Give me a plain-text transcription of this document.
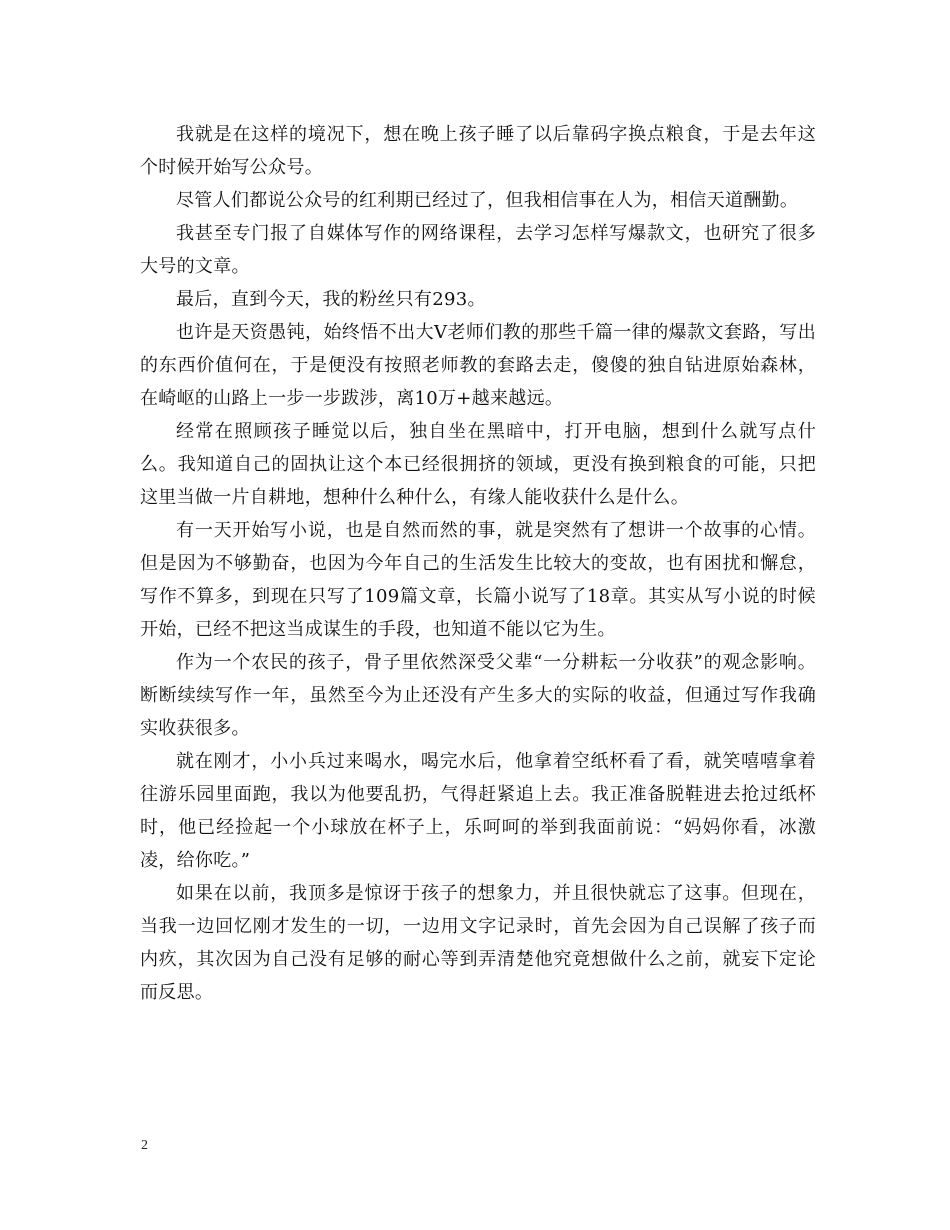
我就是在这样的境况下，想在晚上孩子睡了以后靠码字换点粮食，于是去年这个时候开始写公众号。

尽管人们都说公众号的红利期已经过了，但我相信事在人为，相信天道酬勤。

我甚至专门报了自媒体写作的网络课程，去学习怎样写爆款文，也研究了很多大号的文章。

最后，直到今天，我的粉丝只有293。

也许是天资愚钝，始终悟不出大V老师们教的那些千篇一律的爆款文套路，写出的东西价值何在，于是便没有按照老师教的套路去走，傻傻的独自钻进原始森林，在崎岖的山路上一步一步跋涉，离10万+越来越远。

经常在照顾孩子睡觉以后，独自坐在黑暗中，打开电脑，想到什么就写点什么。我知道自己的固执让这个本已经很拥挤的领域，更没有换到粮食的可能，只把这里当做一片自耕地，想种什么种什么，有缘人能收获什么是什么。

有一天开始写小说，也是自然而然的事，就是突然有了想讲一个故事的心情。但是因为不够勤奋，也因为今年自己的生活发生比较大的变故，也有困扰和懈怠，写作不算多，到现在只写了109篇文章，长篇小说写了18章。其实从写小说的时候开始，已经不把这当成谋生的手段，也知道不能以它为生。

作为一个农民的孩子，骨子里依然深受父辈“一分耕耘一分收获”的观念影响。断断续续写作一年，虽然至今为止还没有产生多大的实际的收益，但通过写作我确实收获很多。

就在刚才，小小兵过来喝水，喝完水后，他拿着空纸杯看了看，就笑嘻嘻拿着往游乐园里面跑，我以为他要乱扔，气得赶紧追上去。我正准备脱鞋进去抢过纸杯时，他已经捡起一个小球放在杯子上，乐呵呵的举到我面前说：“妈妈你看，冰激凌，给你吃。”

如果在以前，我顶多是惊讶于孩子的想象力，并且很快就忘了这事。但现在，当我一边回忆刚才发生的一切，一边用文字记录时，首先会因为自己误解了孩子而内疚，其次因为自己没有足够的耐心等到弄清楚他究竟想做什么之前，就妄下定论而反思。

2
